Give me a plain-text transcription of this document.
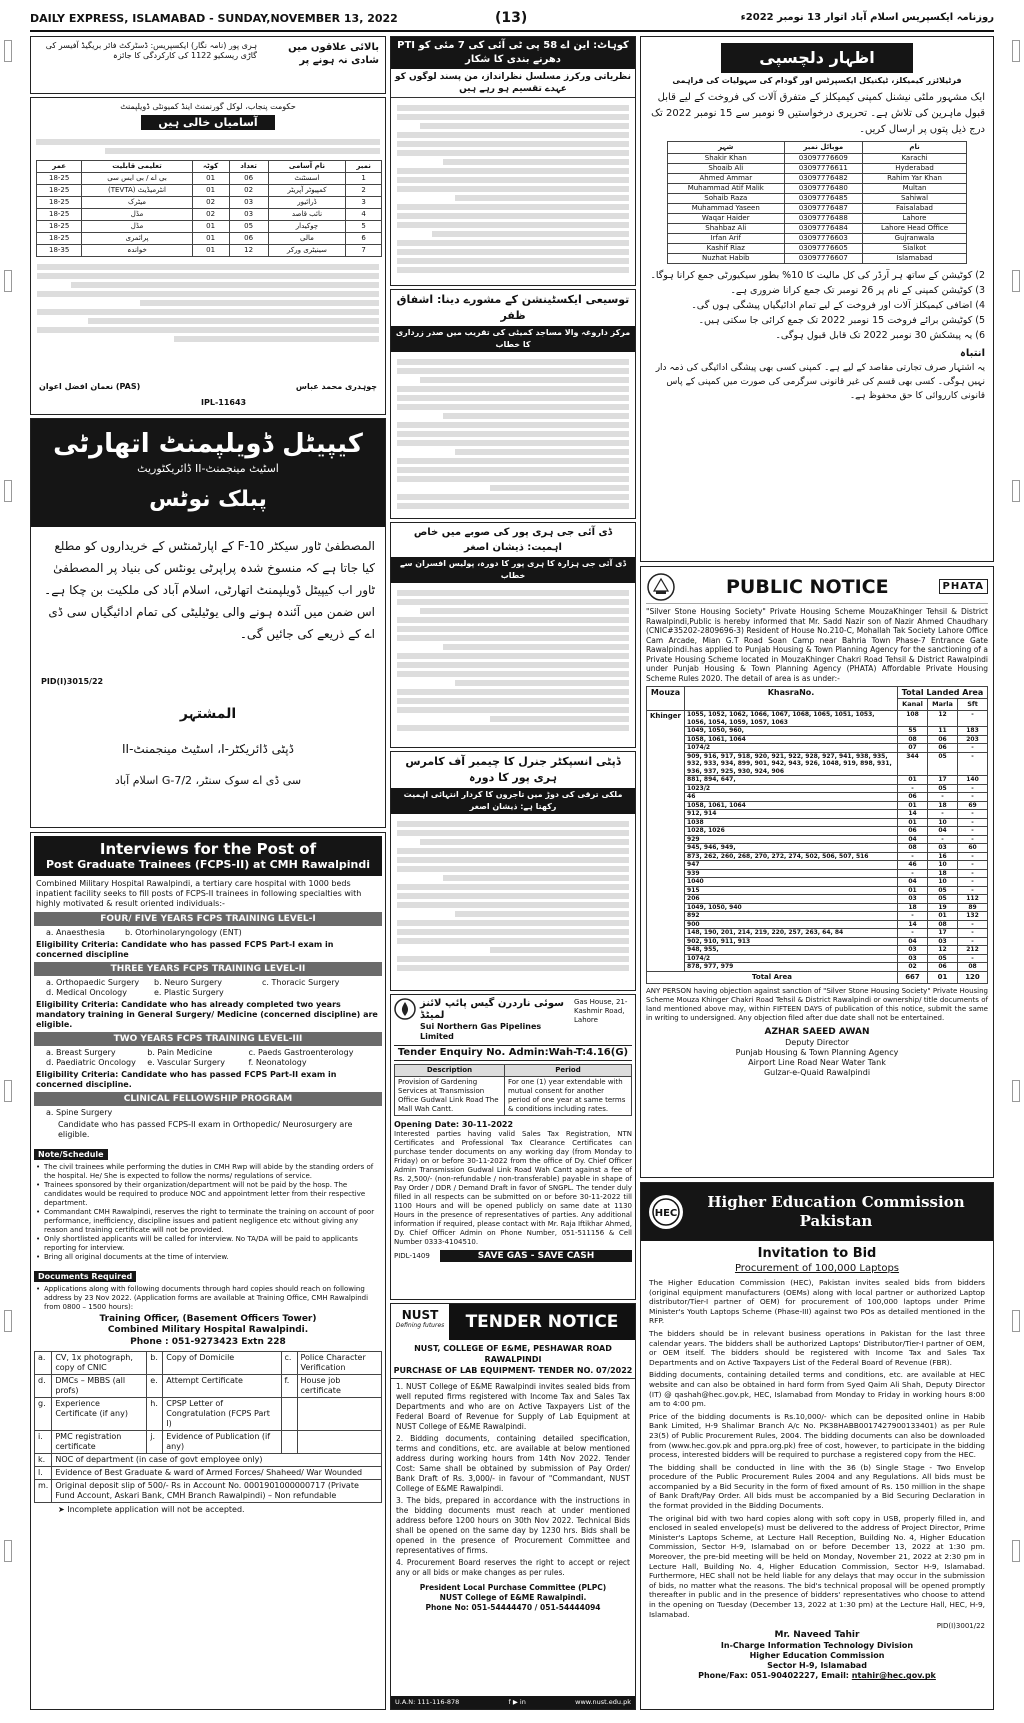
DAILY EXPRESS, ISLAMABAD - SUNDAY,NOVEMBER 13, 2022	(13)	روزنامہ ایکسپریس اسلام آباد اتوار 13 نومبر 2022ء
بالائی علاقوں میں شادی نہ ہونے پر
ہری پور (نامہ نگار) ایکسپریس: ڈسٹرکٹ فائر بریگیڈ آفیسر کی گاڑی ریسکیو 1122 کی کارکردگی کا جائزہ
حکومت پنجاب، لوکل گورنمنٹ اینڈ کمیونٹی ڈویلپمنٹ
آسامیاں خالی ہیں
عمر	تعلیمی قابلیت	کوٹہ	تعداد	نام آسامی	نمبر
18-25	بی اے / بی ایس سی	01	06	اسسٹنٹ	1
18-25	انٹرمیڈیٹ (TEVTA)	01	02	کمپیوٹر آپریٹر	2
18-25	میٹرک	02	03	ڈرائیور	3
18-25	مڈل	02	03	نائب قاصد	4
18-25	مڈل	01	05	چوکیدار	5
18-25	پرائمری	01	06	مالی	6
18-35	خواندہ	01	12	سینیٹری ورکر	7
چوہدری محمد عباس
نعمان افضل اعوان (PAS)
IPL-11643
کیپیٹل ڈویلپمنٹ اتھارٹی
اسٹیٹ مینجمنٹ-II ڈائریکٹوریٹ
پبلک نوٹس
المصطفیٰ ٹاور سیکٹر F-10 کے اپارٹمنٹس کے خریداروں کو مطلع کیا جاتا ہے کہ منسوخ شدہ پراپرٹی یونٹس کی بنیاد پر المصطفیٰ ٹاور اب کیپیٹل ڈویلپمنٹ اتھارٹی، اسلام آباد کی ملکیت بن چکا ہے۔ اس ضمن میں آئندہ ہونے والی یوٹیلیٹی کی تمام ادائیگیاں سی ڈی اے کے ذریعے کی جائیں گی۔
PID(I)3015/22
المشتہر
ڈپٹی ڈائریکٹر-I، اسٹیٹ مینجمنٹ-II
سی ڈی اے سوک سنٹر، G-7/2 اسلام آباد
Interviews for the Post of
Post Graduate Trainees (FCPS-II) at CMH Rawalpindi
Combined Military Hospital Rawalpindi, a tertiary care hospital with 1000 beds inpatient facility seeks to fill posts of FCPS-II trainees in following specialties with highly motivated & result oriented individuals:-
FOUR/ FIVE YEARS FCPS TRAINING LEVEL-I
a. Anaesthesia	b. Otorhinolaryngology (ENT)
Eligibility Criteria: Candidate who has passed FCPS Part-I exam in concerned discipline
THREE YEARS FCPS TRAINING LEVEL-II
a. Orthopaedic Surgery	b. Neuro Surgery	c. Thoracic Surgery
d. Medical Oncology	e. Plastic Surgery
Eligibility Criteria: Candidate who has already completed two years mandatory training in General Surgery/ Medicine (concerned discipline) are eligible.
TWO YEARS FCPS TRAINING LEVEL-III
a. Breast Surgery	b. Pain Medicine	c. Paeds Gastroenterology
d. Paediatric Oncology	e. Vascular Surgery	f. Neonatology
Eligibility Criteria: Candidate who has passed FCPS Part-II exam in concerned discipline.
CLINICAL FELLOWSHIP PROGRAM
a. Spine Surgery
Candidate who has passed FCPS-II exam in Orthopedic/ Neurosurgery are eligible.
Note/Schedule
• The civil trainees while performing the duties in CMH Rwp will abide by the standing orders of the hospital. He/ She is expected to follow the norms/ regulations of service.
• Trainees sponsored by their organization/department will not be paid by the hosp. The candidates would be required to produce NOC and appointment letter from their respective department.
• Commandant CMH Rawalpindi, reserves the right to terminate the training on account of poor performance, inefficiency, discipline issues and patient negligence etc without giving any reason and training certificate will not be provided.
• Only shortlisted applicants will be called for interview. No TA/DA will be paid to applicants reporting for interview.
• Bring all original documents at the time of interview.
Documents Required
• Applications along with following documents through hard copies should reach on following address by 23 Nov 2022. (Application forms are available at Training Office, CMH Rawalpindi from 0800 – 1500 hours):
Training Officer, (Basement Officers Tower)
Combined Military Hospital Rawalpindi.
Phone : 051-9273423 Extn 228
a.	CV, 1x photograph, copy of CNIC	b.	Copy of Domicile	c.	Police Character Verification
d.	DMCs – MBBS (all profs)	e.	Attempt Certificate	f.	House job certificate
g.	Experience Certificate (if any)	h.	CPSP Letter of Congratulation (FCPS Part I)		
i.	PMC registration certificate	j.	Evidence of Publication (if any)		
k.	NOC of department (in case of govt employee only)				
l.	Evidence of Best Graduate & ward of Armed Forces/ Shaheed/ War Wounded				
m.	Original deposit slip of 500/- Rs in Account No. 0001901000000717 (Private Fund Account, Askari Bank, CMH Branch Rawalpindi) – Non refundable				
➤ Incomplete application will not be accepted.
کوہاٹ: این اے 58 پی ٹی آئی کی 7 مئی کو PTI دھرنے بندی کا شکار
نظریاتی ورکرز مسلسل نظرانداز، من پسند لوگوں کو عہدے تقسیم ہو رہے ہیں
توسیعی ایکسٹینشن کے مشورے دینا: اشفاق ظفر
مرکز داروغہ والا مساجد کمیٹی کی تقریب میں صدر زرداری کا خطاب
ڈی آئی جی ہری پور کی صوبے میں خاص اہمیت: ذیشان اصغر
ڈی آئی جی ہزارہ کا ہری پور کا دورہ، پولیس افسران سے خطاب
ڈپٹی انسپکٹر جنرل کا چیمبر آف کامرس ہری پور کا دورہ
ملکی ترقی کی دوڑ میں تاجروں کا کردار انتہائی اہمیت رکھتا ہے: ذیشان اصغر
سوئی ناردرن گیس پائپ لائنز لمیٹڈ
Sui Northern Gas Pipelines Limited
Gas House, 21-Kashmir Road, Lahore
Tender Enquiry No. Admin:Wah-T:4.16(G)
Description	Period
Provision of Gardening Services at Transmission Office Gudwal Link Road The Mall Wah Cantt.	For one (1) year extendable with mutual consent for another period of one year at same terms & conditions including rates.
Opening Date: 30-11-2022
Interested parties having valid Sales Tax Registration, NTN Certificates and Professional Tax Clearance Certificates can purchase tender documents on any working day (from Monday to Friday) on or before 30-11-2022 from the office of Dy. Chief Officer Admin Transmission Gudwal Link Road Wah Cantt against a fee of Rs. 2,500/- (non-refundable / non-transferable) payable in shape of Pay Order / DDR / Demand Draft in favor of SNGPL. The tender duly filled in all respects can be submitted on or before 30-11-2022 till 1100 Hours and will be opened publicly on same date at 1130 Hours in the presence of representatives of parties. Any additional information if required, please contact with Mr. Raja Iftikhar Ahmed, Dy. Chief Officer Admin on Phone Number, 051-511156 & Cell Number 0333-4104510.
PIDL-1409	SAVE GAS - SAVE CASH
NUST
Defining futures	TENDER NOTICE
NUST, COLLEGE OF E&ME, PESHAWAR ROAD RAWALPINDI
PURCHASE OF LAB EQUIPMENT- TENDER NO. 07/2022

1. NUST College of E&ME Rawalpindi invites sealed bids from well reputed firms registered with Income Tax and Sales Tax Departments and who are on Active Taxpayers List of the Federal Board of Revenue for Supply of Lab Equipment at NUST College of E&ME Rawalpindi.

2. Bidding documents, containing detailed specification, terms and conditions, etc. are available at below mentioned address during working hours from 14th Nov 2022. Tender Cost: Same shall be obtained by submission of Pay Order/ Bank Draft of Rs. 3,000/- in favour of "Commandant, NUST College of E&ME Rawalpindi.

3. The bids, prepared in accordance with the instructions in the bidding documents must reach at under mentioned address before 1200 hours on 30th Nov 2022. Technical Bids shall be opened on the same day by 1230 hrs. Bids shall be opened in the presence of Procurement Committee and representatives of firms.

4. Procurement Board reserves the right to accept or reject any or all bids or make changes as per rules.

President Local Purchase Committee (PLPC)
NUST College of E&ME Rawalpindi.
Phone No: 051-54444470 / 051-54444094
U.A.N: 111-116-878	f ▶ in	www.nust.edu.pk
اظہار دلچسپی
فرٹیلائزر کیمیکلز، ٹیکنیکل ایکسپرٹس اور گودام کی سہولیات کی فراہمی
ایک مشہور ملٹی نیشنل کمپنی کیمیکلز کے متفرق آلات کی فروخت کے لیے قابل قبول ماہرین کی تلاش ہے۔ تحریری درخواستیں 9 نومبر سے 15 نومبر 2022 تک درج ذیل پتوں پر ارسال کریں۔
شہر	موبائل نمبر	نام
Shakir Khan	03097776609	Karachi
Shoaib Ali	03097776611	Hyderabad
Ahmed Ammar	03097776482	Rahim Yar Khan
Muhammad Atif Malik	03097776480	Multan
Sohaib Raza	03097776485	Sahiwal
Muhammad Yaseen	03097776487	Faisalabad
Waqar Haider	03097776488	Lahore
Shahbaz Ali	03097776484	Lahore Head Office
Irfan Arif	03097776603	Gujranwala
Kashif Riaz	03097776605	Sialkot
Nuzhat Habib	03097776607	Islamabad
2) کوٹیشن کے ساتھ ہر آرڈر کی کل مالیت کا 10% بطور سیکیورٹی جمع کرانا ہوگا۔
3) کوٹیشن کمپنی کے نام پر 26 نومبر تک جمع کرانا ضروری ہے۔
4) اضافی کیمیکلز آلات اور فروخت کے لیے تمام ادائیگیاں پیشگی ہوں گی۔
5) کوٹیشن برائے فروخت 15 نومبر 2022 تک جمع کرائی جا سکتی ہیں۔
6) یہ پیشکش 30 نومبر 2022 تک قابل قبول ہوگی۔
انتباہ
یہ اشتہار صرف تجارتی مقاصد کے لیے ہے۔ کمپنی کسی بھی پیشگی ادائیگی کی ذمہ دار نہیں ہوگی۔ کسی بھی قسم کی غیر قانونی سرگرمی کی صورت میں کمپنی کے پاس قانونی کارروائی کا حق محفوظ ہے۔
PUBLIC NOTICE	PHATA
"Silver Stone Housing Society" Private Housing Scheme MouzaKhinger Tehsil & District Rawalpindi,Public is hereby informed that Mr. Sadd Nazir son of Nazir Ahmed Chaudhary (CNIC#35202-2809696-3) Resident of House No.210-C, Mohallah Tak Society Lahore Office Cam Arcade, Mian G.T Road Soan Camp near Bahria Town Phase-7 Entrance Gate Rawalpindi.has applied to Punjab Housing & Town Planning Agency for the sanctioning of a Private Housing Scheme located in MouzaKhinger Chakri Road Tehsil & District Rawalpindi under Punjab Housing & Town Planning Agency (PHATA) Affordable Private Housing Scheme Rules 2020. The detail of area is as under:-
Mouza	KhasraNo.	Total Landed Area		
		Kanal	Marla	Sft
Khinger	1055, 1052, 1062, 1066, 1067, 1068, 1065, 1051, 1053, 1056, 1054, 1059, 1057, 1063	108	12	-
	1049, 1050, 960,	55	11	183
	1058, 1061, 1064	08	06	203
	1074/2	07	06	-
	909, 916, 917, 918, 920, 921, 922, 928, 927, 941, 938, 935, 932, 933, 934, 899, 901, 942, 943, 926, 1048, 919, 898, 931, 936, 937, 925, 930, 924, 906	344	05	-
	881, 894, 647,	01	17	140
	1023/2	-	05	-
	46	06	-	-
	1058, 1061, 1064	01	18	69
	912, 914	14	-	-
	1038	01	10	-
	1028, 1026	06	04	-
	929	04	-	-
	945, 946, 949,	08	03	60
	873, 262, 260, 268, 270, 272, 274, 502, 506, 507, 516	-	16	-
	947	46	10	-
	939	-	18	-
	1040	04	10	-
	915	01	05	-
	206	03	05	112
	1049, 1050, 940	18	19	89
	892	-	01	132
	900	14	08	-
	148, 190, 201, 214, 219, 220, 257, 263, 64, 84	-	17	-
	902, 910, 911, 913	04	03	-
	948, 955,	03	12	212
	1074/2	03	05	-
	878, 977, 979	02	06	08
Total Area		667	01	120
ANY PERSON having objection against sanction of "Silver Stone Housing Society" Private Housing Scheme Mouza Khinger Chakri Road Tehsil & District Rawalpindi or ownership/ title documents of land mentioned above may, within FIFTEEN DAYS of publication of this notice, submit the same in writing to undersigned. Any objection filed after due date shall not be entertained.
AZHAR SAEED AWAN
Deputy Director
Punjab Housing & Town Planning Agency
Airport Line Road Near Water Tank
Gulzar-e-Quaid Rawalpindi
HEC
Higher Education Commission
Pakistan
Invitation to Bid
Procurement of 100,000 Laptops

The Higher Education Commission (HEC), Pakistan invites sealed bids from bidders (original equipment manufacturers (OEMs) along with local partner or authorized Laptop distributor/Tier-I partner of OEM) for procurement of 100,000 laptops under Prime Minister's Youth Laptops Scheme (Phase-III) against two POs as detailed mentioned in the RFP.

The bidders should be in relevant business operations in Pakistan for the last three calendar years. The bidders shall be authorized Laptops' Distributor/Tier-I partner of OEM, or OEM itself. The bidders should be registered with Income Tax and Sales Tax Departments and on Active Taxpayers List of the Federal Board of Revenue (FBR).

Bidding documents, containing detailed terms and conditions, etc. are available at HEC website and can also be obtained in hard form from Syed Qaim Ali Shah, Deputy Director (IT) @ qashah@hec.gov.pk, HEC, Islamabad from Monday to Friday in working hours 8:00 am to 4:00 pm.

Price of the bidding documents is Rs.10,000/- which can be deposited online in Habib Bank Limited, H-9 Shalimar Branch A/c No. PK38HABB0017427900133401) as per Rule 23(5) of Public Procurement Rules, 2004. The bidding documents can also be downloaded from (www.hec.gov.pk and ppra.org.pk) free of cost, however, to participate in the bidding process, interested bidders will be required to purchase a registered copy from the HEC.

The bidding shall be conducted in line with the 36 (b) Single Stage - Two Envelop procedure of the Public Procurement Rules 2004 and any Regulations. All bids must be accompanied by a Bid Security in the form of fixed amount of Rs. 150 million in the shape of Bank Draft/Pay Order. All bids must be accompanied by a Bid Securing Declaration in the format provided in the Bidding Documents.

The original bid with two hard copies along with soft copy in USB, properly filled in, and enclosed in sealed envelope(s) must be delivered to the address of Project Director, Prime Minister's Laptops Scheme, at Lecture Hall Reception, Building No. 4, Higher Education Commission, Sector H-9, Islamabad on or before December 13, 2022 at 1:30 pm. Moreover, the pre-bid meeting will be held on Monday, November 21, 2022 at 2:30 pm in Lecture Hall, Building No. 4, Higher Education Commission, Sector H-9, Islamabad. Furthermore, HEC shall not be held liable for any delays that may occur in the submission of bids, no matter what the reasons. The bid's technical proposal will be opened promptly thereafter in public and in the presence of bidders' representatives who choose to attend in the opening on Tuesday (December 13, 2022 at 1:30 pm) at the Lecture Hall, HEC, H-9, Islamabad.

PID(I)3001/22
Mr. Naveed Tahir
In-Charge Information Technology Division
Higher Education Commission
Sector H-9, Islamabad
Phone/Fax: 051-90402227, Email: ntahir@hec.gov.pk
